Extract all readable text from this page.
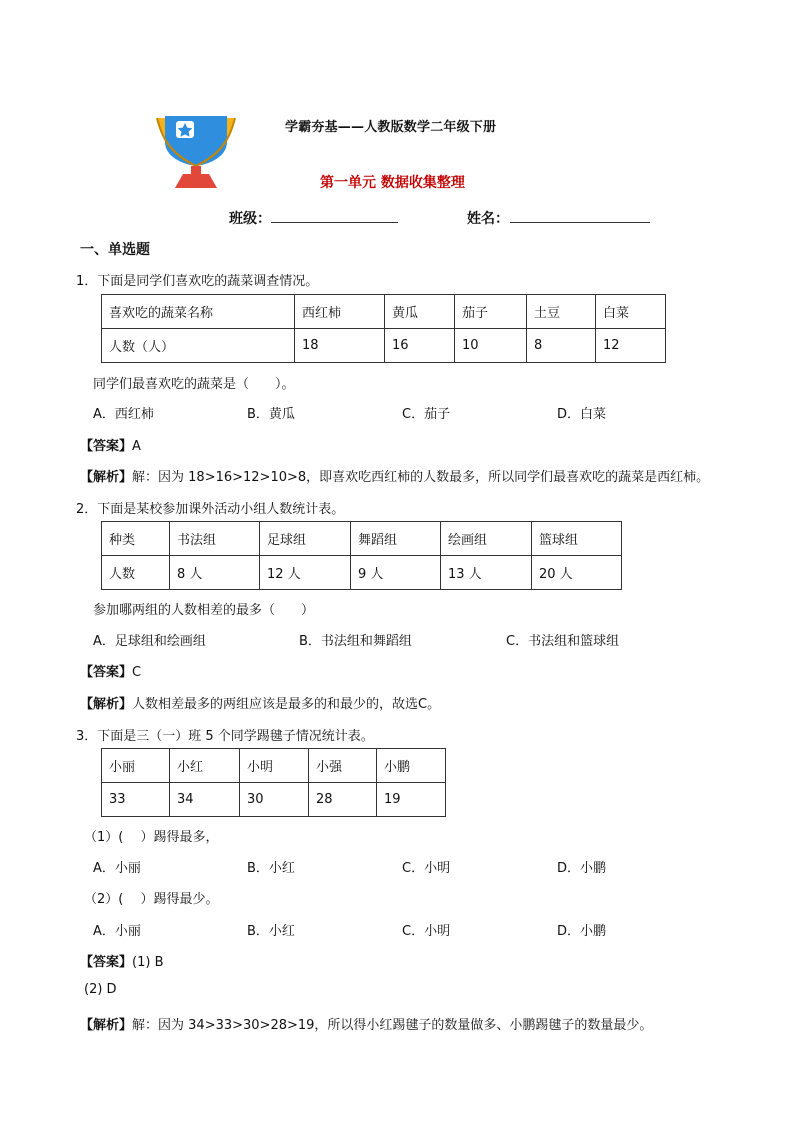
学霸夯基——人教版数学二年级下册
第一单元 数据收集整理
班级：	姓名：
一、单选题
1．下面是同学们喜欢吃的蔬菜调查情况。
喜欢吃的蔬菜名称	西红柿	黄瓜	茄子	土豆	白菜
人数（人）	18	16	10	8	12
同学们最喜欢吃的蔬菜是（　　）。
A．西红柿	B．黄瓜	C．茄子	D．白菜
【答案】A
【解析】解：因为 18>16>12>10>8，即喜欢吃西红柿的人数最多，所以同学们最喜欢吃的蔬菜是西红柿。
2．下面是某校参加课外活动小组人数统计表。
种类	书法组	足球组	舞蹈组	绘画组	篮球组
人数	8 人	12 人	9 人	13 人	20 人
参加哪两组的人数相差的最多（　　）
A．足球组和绘画组	B．书法组和舞蹈组	C．书法组和篮球组
【答案】C
【解析】人数相差最多的两组应该是最多的和最少的，故选C。
3．下面是三（一）班 5 个同学踢毽子情况统计表。
小丽	小红	小明	小强	小鹏
33	34	30	28	19
（1）(　 ）踢得最多，
A．小丽	B．小红	C．小明	D．小鹏
（2）(　 ）踢得最少。
A．小丽	B．小红	C．小明	D．小鹏
【答案】(1) B
(2) D
【解析】解：因为 34>33>30>28>19，所以得小红踢毽子的数量做多、小鹏踢毽子的数量最少。
